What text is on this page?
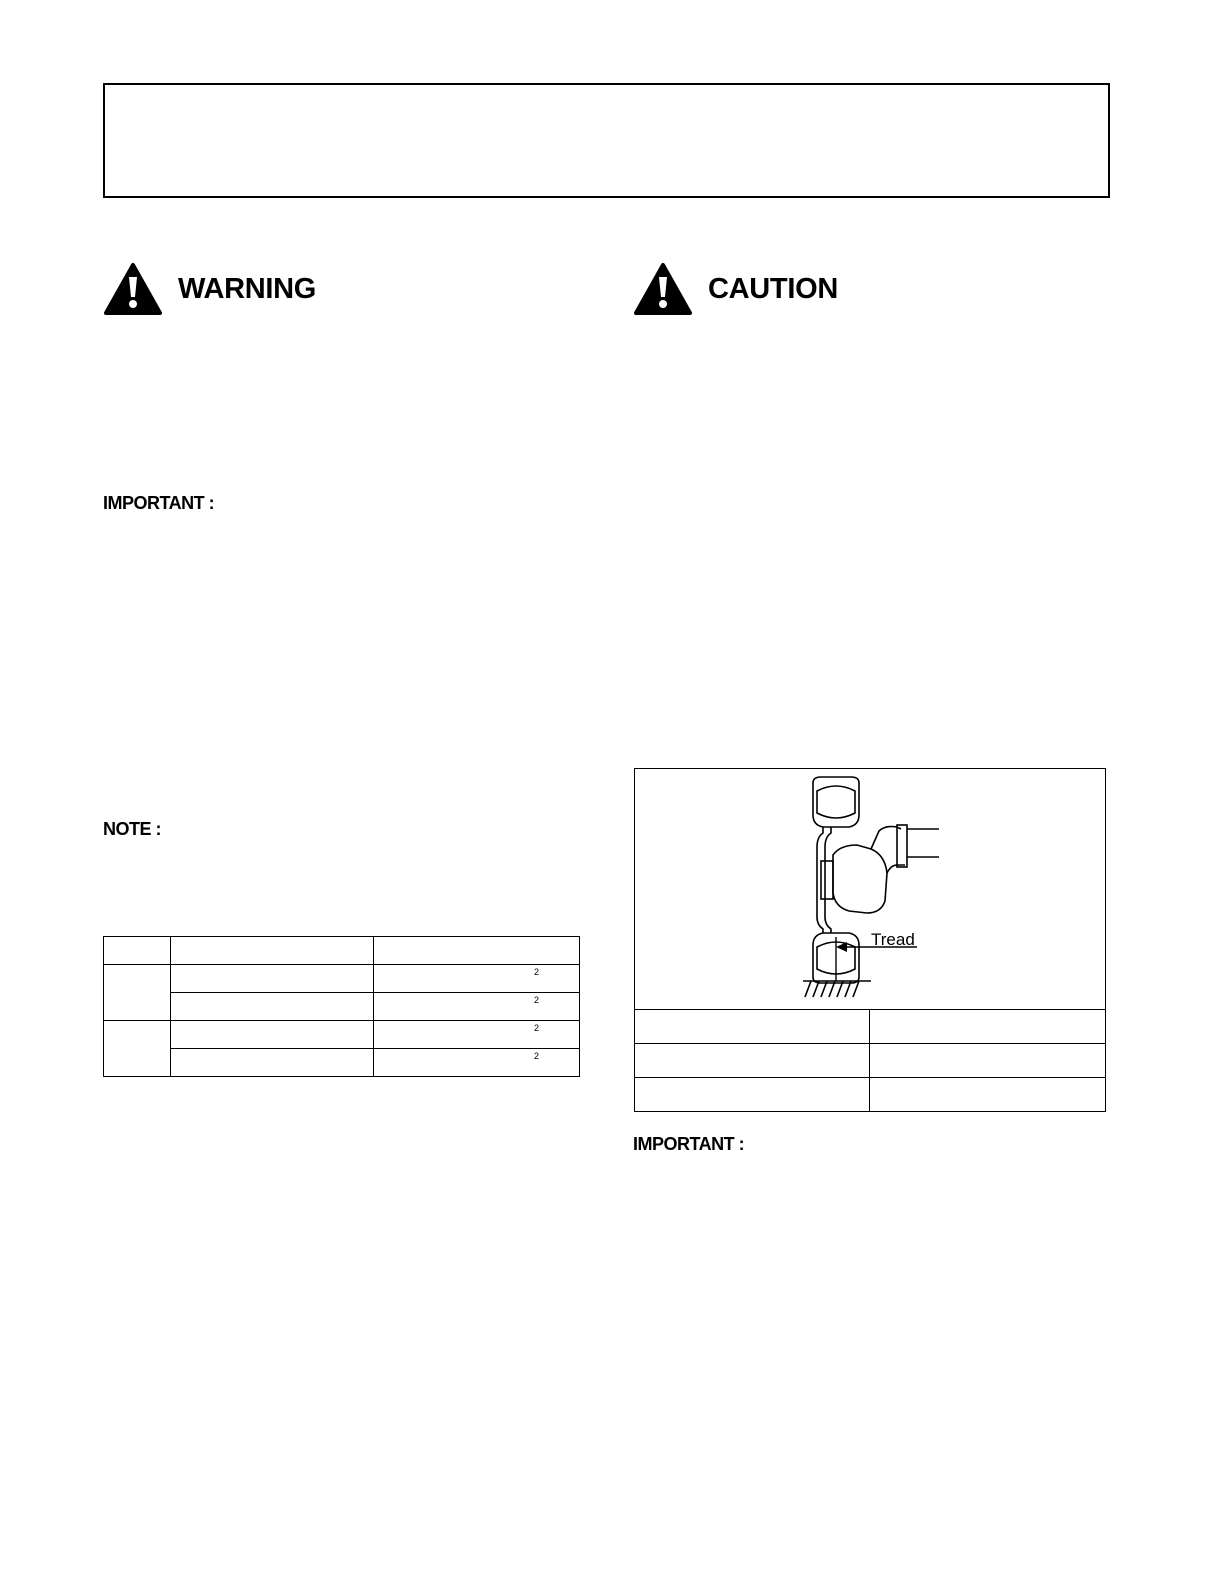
WARNING
IMPORTANT :
NOTE :

		2

		2

		2

		2
CAUTION
Tread

IMPORTANT :
